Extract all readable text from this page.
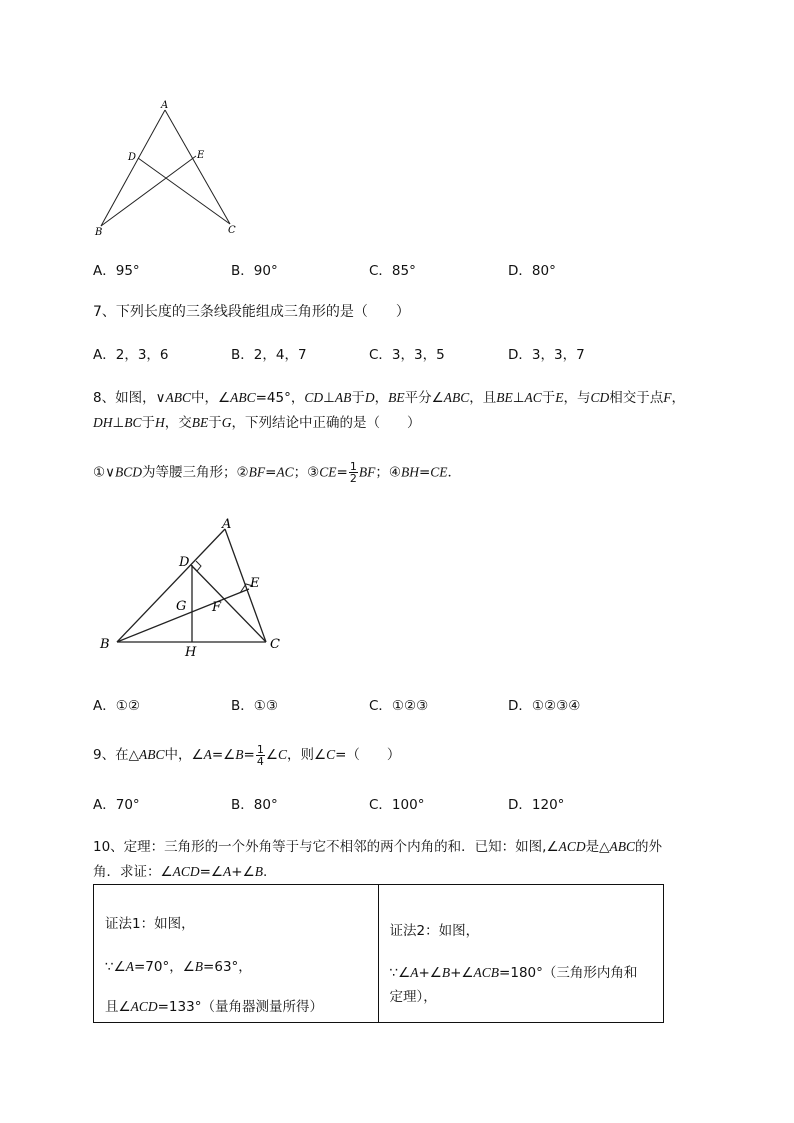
A
D	E
B	C
A．95°	B．90°	C．85°	D．80°
7、下列长度的三条线段能组成三角形的是（　　）
A．2，3，6	B．2，4，7	C．3，3，5	D．3，3，7
8、如图，∨ABC中，∠ABC=45°，CD⊥AB于D，BE平分∠ABC，且BE⊥AC于E，与CD相交于点F，
DH⊥BC于H，交BE于G，下列结论中正确的是（　　）
①∨BCD为等腰三角形；②BF=AC；③CE= $\frac{1}{2}$ BF；④BH=CE．
A
D
E
G F
B
H
C
A．①②	B．①③	C．①②③	D．①②③④
9、在△ABC中，∠A=∠B= $\frac{1}{4}$ ∠C，则∠C=（　　）
A．70°	B．80°	C．100°	D．120°
10、定理：三角形的一个外角等于与它不相邻的两个内角的和．已知：如图,∠ACD是△ABC的外
角．求证：∠ACD=∠A+∠B.
证法1：如图，
∵∠A=70°，∠B=63°，
且∠ACD=133°（量角器测量所得）

证法2：如图，
∵∠A+∠B+∠ACB=180°（三角形内角和
定理），
